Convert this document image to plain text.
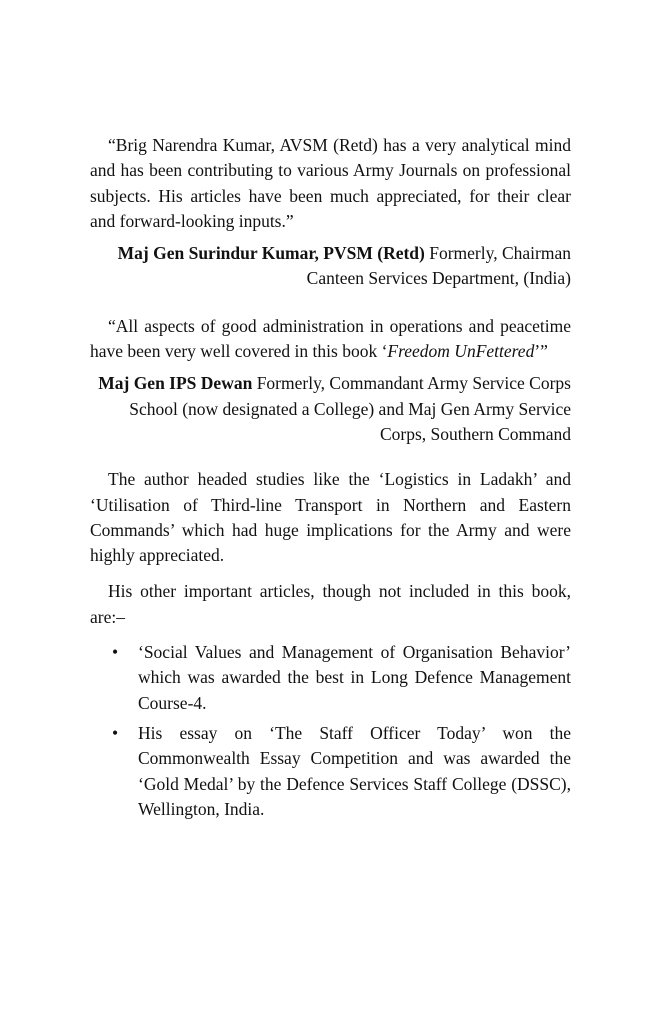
“Brig Narendra Kumar, AVSM (Retd) has a very analytical mind and has been contributing to various Army Journals on professional subjects. His articles have been much appreciated, for their clear and forward-looking inputs.”

Maj Gen Surindur Kumar, PVSM (Retd) Formerly, Chairman Canteen Services Department, (India)

“All aspects of good administration in operations and peacetime have been very well covered in this book ‘Freedom UnFettered’”

Maj Gen IPS Dewan Formerly, Commandant Army Service Corps School (now designated a College) and Maj Gen Army Service Corps, Southern Command

The author headed studies like the ‘Logistics in Ladakh’ and ‘Utilisation of Third-line Transport in Northern and Eastern Commands’ which had huge implications for the Army and were highly appreciated.

His other important articles, though not included in this book, are:–

• ‘Social Values and Management of Organisation Behavior’ which was awarded the best in Long Defence Management Course-4.
• His essay on ‘The Staff Officer Today’ won the Commonwealth Essay Competition and was awarded the ‘Gold Medal’ by the Defence Services Staff College (DSSC), Wellington, India.
